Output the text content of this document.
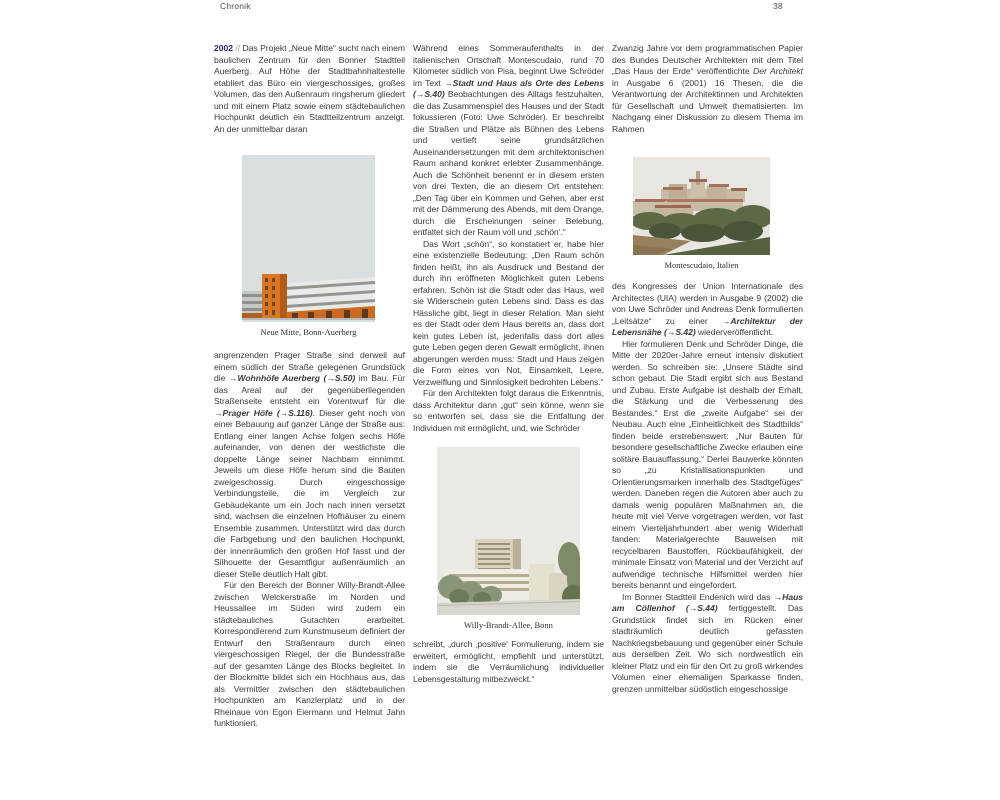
Chronik	38

2002 // Das Projekt „Neue Mitte“ sucht nach einem baulichen Zentrum für den Bonner Stadtteil Auerberg. Auf Höhe der Stadtbahnhaltestelle etabliert das Büro ein viergeschossiges, großes Volumen, das den Außenraum ringsherum gliedert und mit einem Platz sowie einem städtebaulichen Hochpunkt deutlich ein Stadtteilzentrum anzeigt. An der unmittelbar daran

Neue Mitte, Bonn-Auerberg

angrenzenden Prager Straße sind derweil auf einem südlich der Straße gelegenen Grundstück die →Wohnhöfe Auerberg (→S.50) im Bau. Für das Areal auf der gegenüberliegenden Straßenseite entsteht ein Vorentwurf für die →Prager Höfe (→S.116). Dieser geht noch von einer Bebauung auf ganzer Länge der Straße aus: Entlang einer langen Achse folgen sechs Höfe aufeinander, von denen der westlichste die doppelte Länge seiner Nachbarn einnimmt. Jeweils um diese Höfe herum sind die Bauten zweigeschossig. Durch eingeschossige Verbindungsteile, die im Vergleich zur Gebäudekante um ein Joch nach innen versetzt sind, wachsen die einzelnen Hofhäuser zu einem Ensemble zusammen. Unterstützt wird das durch die Farbgebung und den baulichen Hochpunkt, der innenräumlich den großen Hof fasst und der Silhouette der Gesamtfigur außenräumlich an dieser Stelle deutlich Halt gibt.

Für den Bereich der Bonner Willy-Brandt-Allee zwischen Welckerstraße im Norden und Heussallee im Süden wird zudem ein städtebauliches Gutachten erarbeitet. Korrespondierend zum Kunstmuseum definiert der Entwurf den Straßenraum durch einen viergeschossigen Riegel, der die Bundesstraße auf der gesamten Länge des Blocks begleitet. In der Blockmitte bildet sich ein Hochhaus aus, das als Vermittler zwischen den städtebaulichen Hochpunkten am Kanzlerplatz und in der Rheinaue von Egon Eiermann und Helmut Jahn funktioniert.

Während eines Sommeraufenthalts in der italienischen Ortschaft Montescudaio, rund 70 Kilometer südlich von Pisa, beginnt Uwe Schröder im Text →Stadt und Haus als Orte des Lebens (→S.40) Beobachtungen des Alltags festzuhalten, die das Zusammenspiel des Hauses und der Stadt fokussieren (Foto: Uwe Schröder). Er beschreibt die Straßen und Plätze als Bühnen des Lebens und vertieft seine grundsätzlichen Auseinandersetzungen mit dem architektonischen Raum anhand konkret erlebter Zusammenhänge. Auch die Schönheit benennt er in diesem ersten von drei Texten, die an diesem Ort entstehen: „Den Tag über ein Kommen und Gehen, aber erst mit der Dämmerung des Abends, mit dem Orange, durch die Erscheinungen seiner Belebung, entfaltet sich der Raum voll und ‚schön‘.“

Das Wort „schön“, so konstatiert er, habe hier eine existenzielle Bedeutung: „Den Raum schön finden heißt, ihn als Ausdruck und Bestand der durch ihn eröffneten Möglichkeit guten Lebens erfahren. Schön ist die Stadt oder das Haus, weil sie Widerschein guten Lebens sind. Dass es das Hässliche gibt, liegt in dieser Relation. Man sieht es der Stadt oder dem Haus bereits an, dass dort kein gutes Leben ist, jedenfalls dass dort alles gute Leben gegen deren Gewalt ermöglicht, ihnen abgerungen werden muss: Stadt und Haus zeigen die Form eines von Not, Einsamkeit, Leere, Verzweiflung und Sinnlosigkeit bedrohten Lebens.“

Für den Architekten folgt daraus die Erkenntnis, dass Architektur dann „gut“ sein könne, wenn sie so entworfen sei, dass sie die Entfaltung der Individuen mit ermöglicht, und, wie Schröder

Willy-Brandt-Allee, Bonn

schreibt, „durch ‚positive‘ Formulierung, indem sie erweitert, ermöglicht, empfiehlt und unterstützt, indem sie die Verräumlichung individueller Lebensgestaltung mitbezweckt.“

Zwanzig Jahre vor dem programmatischen Papier des Bundes Deutscher Architekten mit dem Titel „Das Haus der Erde“ veröffentlichte Der Architekt in Ausgabe 6 (2001) 16 Thesen, die die Verantwortung der Architektinnen und Architekten für Gesellschaft und Umwelt thematisierten. Im Nachgang einer Diskussion zu diesem Thema im Rahmen

Montescudaio, Italien

des Kongresses der Union Internationale des Architectes (UIA) werden in Ausgabe 9 (2002) die von Uwe Schröder und Andreas Denk formulierten „Leitsätze“ zu einer →Architektur der Lebensnähe (→S.42) wiederveröffentlicht.

Hier formulieren Denk und Schröder Dinge, die Mitte der 2020er-Jahre erneut intensiv diskutiert werden. So schreiben sie: „Unsere Städte sind schon gebaut. Die Stadt ergibt sich aus Bestand und Zubau. Erste Aufgabe ist deshalb der Erhalt, die Stärkung und die Verbesserung des Bestandes.“ Erst die „zweite Aufgabe“ sei der Neubau. Auch eine „Einheitlichkeit des Stadtbilds“ finden beide erstrebenswert: „Nur Bauten für besondere gesellschaftliche Zwecke erlauben eine solitäre Bauauffassung.“ Derlei Bauwerke könnten so „zu Kristallisationspunkten und Orientierungsmarken innerhalb des Stadtgefüges“ werden. Daneben regen die Autoren aber auch zu damals wenig populären Maßnahmen an, die heute mit viel Verve vorgetragen werden, vor fast einem Vierteljahrhundert aber wenig Widerhall fanden: Materialgerechte Bauweisen mit recycelbaren Baustoffen, Rückbaufähigkeit, der minimale Einsatz von Material und der Verzicht auf aufwendige technische Hilfsmittel werden hier bereits benannt und eingefordert.

Im Bonner Stadtteil Endenich wird das →Haus am Cöllenhof (→S.44) fertiggestellt. Das Grundstück findet sich im Rücken einer stadträumlich deutlich gefassten Nachkriegsbebauung und gegenüber einer Schule aus derselben Zeit. Wo sich nordwestlich ein kleiner Platz und ein für den Ort zu groß wirkendes Volumen einer ehemaligen Sparkasse finden, grenzen unmittelbar südöstlich eingeschossige
